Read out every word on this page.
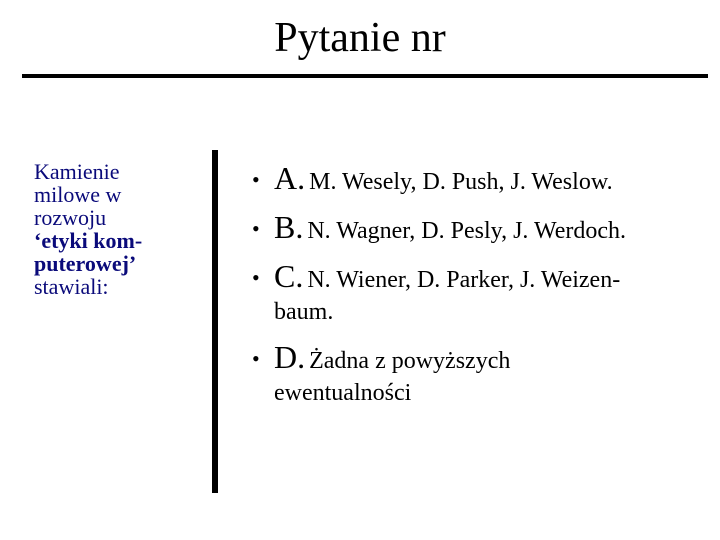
Pytanie nr
Kamienie
milowe w
rozwoju
‘etyki kom-
puterowej’
stawiali:
• A. M. Wesely, D. Push, J. Weslow.
• B. N. Wagner, D. Pesly, J. Werdoch.
• C. N. Wiener, D. Parker, J. Weizen-
baum.
• D. Żadna z powyższych
ewentualności
